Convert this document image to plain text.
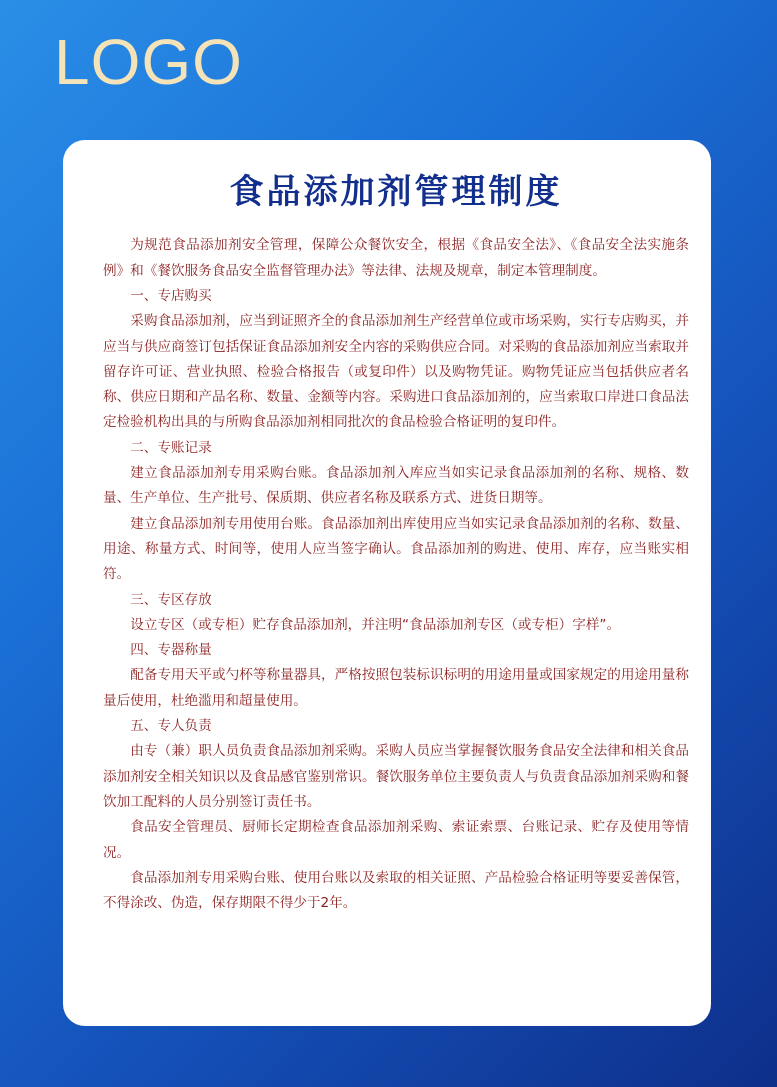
LOGO
食品添加剂管理制度

为规范食品添加剂安全管理，保障公众餐饮安全，根据《食品安全法》、《食品安全法实施条例》和《餐饮服务食品安全监督管理办法》等法律、法规及规章，制定本管理制度。

一、专店购买

采购食品添加剂，应当到证照齐全的食品添加剂生产经营单位或市场采购，实行专店购买，并应当与供应商签订包括保证食品添加剂安全内容的采购供应合同。对采购的食品添加剂应当索取并留存许可证、营业执照、检验合格报告（或复印件）以及购物凭证。购物凭证应当包括供应者名称、供应日期和产品名称、数量、金额等内容。采购进口食品添加剂的，应当索取口岸进口食品法定检验机构出具的与所购食品添加剂相同批次的食品检验合格证明的复印件。

二、专账记录

建立食品添加剂专用采购台账。食品添加剂入库应当如实记录食品添加剂的名称、规格、数量、生产单位、生产批号、保质期、供应者名称及联系方式、进货日期等。

建立食品添加剂专用使用台账。食品添加剂出库使用应当如实记录食品添加剂的名称、数量、用途、称量方式、时间等，使用人应当签字确认。食品添加剂的购进、使用、库存，应当账实相符。

三、专区存放

设立专区（或专柜）贮存食品添加剂，并注明“食品添加剂专区（或专柜）字样”。

四、专器称量

配备专用天平或勺杯等称量器具，严格按照包装标识标明的用途用量或国家规定的用途用量称量后使用，杜绝滥用和超量使用。

五、专人负责

由专（兼）职人员负责食品添加剂采购。采购人员应当掌握餐饮服务食品安全法律和相关食品添加剂安全相关知识以及食品感官鉴别常识。餐饮服务单位主要负责人与负责食品添加剂采购和餐饮加工配料的人员分别签订责任书。

食品安全管理员、厨师长定期检查食品添加剂采购、索证索票、台账记录、贮存及使用等情况。

食品添加剂专用采购台账、使用台账以及索取的相关证照、产品检验合格证明等要妥善保管，不得涂改、伪造，保存期限不得少于2年。
